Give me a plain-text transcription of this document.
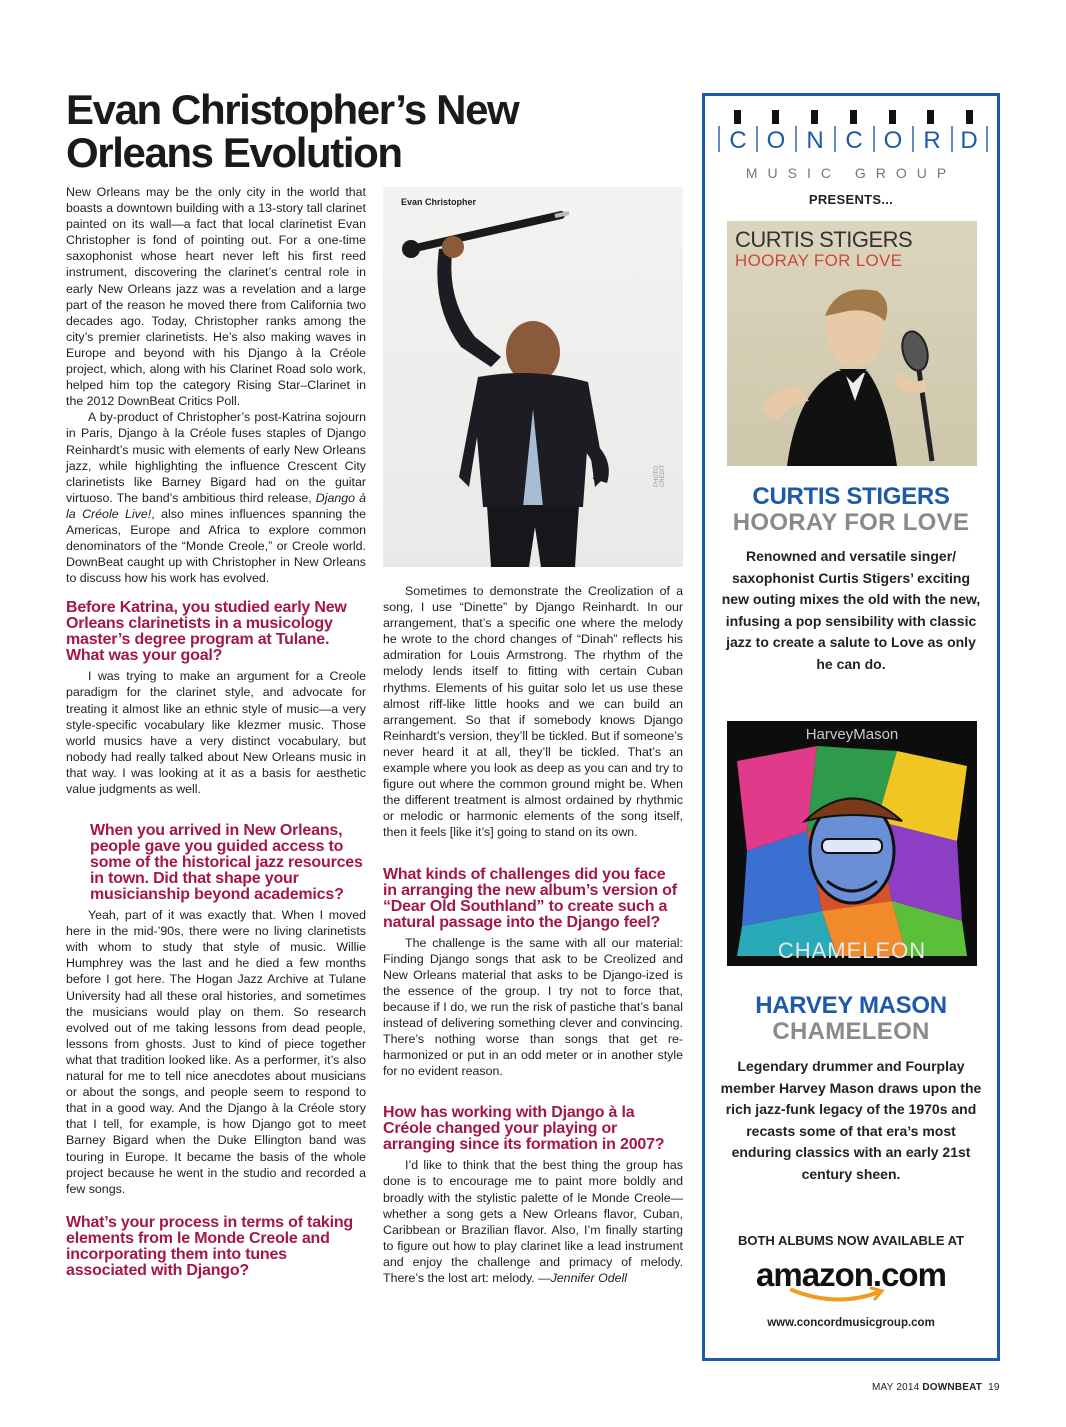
Evan Christopher’s New
Orleans Evolution

New Orleans may be the only city in the world that boasts a downtown building with a 13-story tall clarinet painted on its wall—a fact that local clarinetist Evan Christopher is fond of pointing out. For a one-time saxophonist whose heart never left his first reed instrument, discovering the clarinet’s central role in early New Orleans jazz was a revelation and a large part of the reason he moved there from California two decades ago. Today, Christopher ranks among the city’s premier clarinetists. He’s also making waves in Europe and beyond with his Django à la Créole project, which, along with his Clarinet Road solo work, helped him top the category Rising Star–Clarinet in the 2012 DownBeat Critics Poll.

A by-product of Christopher’s post-Katrina sojourn in Paris, Django à la Créole fuses staples of Django Reinhardt’s music with elements of early New Orleans jazz, while highlighting the influence Crescent City clarinetists like Barney Bigard had on the guitar virtuoso. The band’s ambitious third release, Django à la Créole Live!, also mines influences spanning the Americas, Europe and Africa to explore common denominators of the “Monde Creole,” or Creole world. DownBeat caught up with Christopher in New Orleans to discuss how his work has evolved.

Before Katrina, you studied early New Orleans clarinetists in a musicology master’s degree program at Tulane. What was your goal?

I was trying to make an argument for a Creole paradigm for the clarinet style, and advocate for treating it almost like an ethnic style of music—a very style-specific vocabulary like klezmer music. Those world musics have a very distinct vocabulary, but nobody had really talked about New Orleans music in that way. I was looking at it as a basis for aesthetic value judgments as well.

When you arrived in New Orleans, people gave you guided access to some of the historical jazz resources in town. Did that shape your musicianship beyond academics?

Yeah, part of it was exactly that. When I moved here in the mid-’90s, there were no living clarinetists with whom to study that style of music. Willie Humphrey was the last and he died a few months before I got here. The Hogan Jazz Archive at Tulane University had all these oral histories, and sometimes the musicians would play on them. So research evolved out of me taking lessons from dead people, lessons from ghosts. Just to kind of piece together what that tradition looked like. As a performer, it’s also natural for me to tell nice anecdotes about musicians or about the songs, and people seem to respond to that in a good way. And the Django à la Créole story that I tell, for example, is how Django got to meet Barney Bigard when the Duke Ellington band was touring in Europe. It became the basis of the whole project because he went in the studio and recorded a few songs.

What’s your process in terms of taking elements from le Monde Creole and incorporating them into tunes associated with Django?
Evan Christopher
PHOTO CREDIT

Sometimes to demonstrate the Creolization of a song, I use “Dinette” by Django Reinhardt. In our arrangement, that’s a specific one where the melody he wrote to the chord changes of “Dinah” reflects his admiration for Louis Armstrong. The rhythm of the melody lends itself to fitting with certain Cuban rhythms. Elements of his guitar solo let us use these almost riff-like little hooks and we can build an arrangement. So that if somebody knows Django Reinhardt’s version, they’ll be tickled. But if someone’s never heard it at all, they’ll be tickled. That’s an example where you look as deep as you can and try to figure out where the common ground might be. When the different treatment is almost ordained by rhythmic or melodic or harmonic elements of the song itself, then it feels [like it’s] going to stand on its own.

What kinds of challenges did you face in arranging the new album’s version of “Dear Old Southland” to create such a natural passage into the Django feel?

The challenge is the same with all our material: Finding Django songs that ask to be Creolized and New Orleans material that asks to be Django-ized is the essence of the group. I try not to force that, because if I do, we run the risk of pastiche that’s banal instead of delivering something clever and convincing. There’s nothing worse than songs that get re-harmonized or put in an odd meter or in another style for no evident reason.

How has working with Django à la Créole changed your playing or arranging since its formation in 2007?

I’d like to think that the best thing the group has done is to encourage me to paint more boldly and broadly with the stylistic palette of le Monde Creole—whether a song gets a New Orleans flavor, Cuban, Caribbean or Brazilian flavor. Also, I’m finally starting to figure out how to play clarinet like a lead instrument and enjoy the challenge and primacy of melody. There’s the lost art: melody. —Jennifer Odell

C O N C O R D
MUSIC GROUP
PRESENTS...
CURTIS STIGERS
HOORAY FOR LOVE
CURTIS STIGERS
HOORAY FOR LOVE
Renowned and versatile singer/ saxophonist Curtis Stigers’ exciting new outing mixes the old with the new, infusing a pop sensibility with classic jazz to create a salute to Love as only he can do.
HarveyMason
CHAMELEON
HARVEY MASON
CHAMELEON
Legendary drummer and Fourplay member Harvey Mason draws upon the rich jazz-funk legacy of the 1970s and recasts some of that era’s most enduring classics with an early 21st century sheen.
BOTH ALBUMS NOW AVAILABLE AT
amazon.com
www.concordmusicgroup.com
MAY 2014 DOWNBEAT 19
